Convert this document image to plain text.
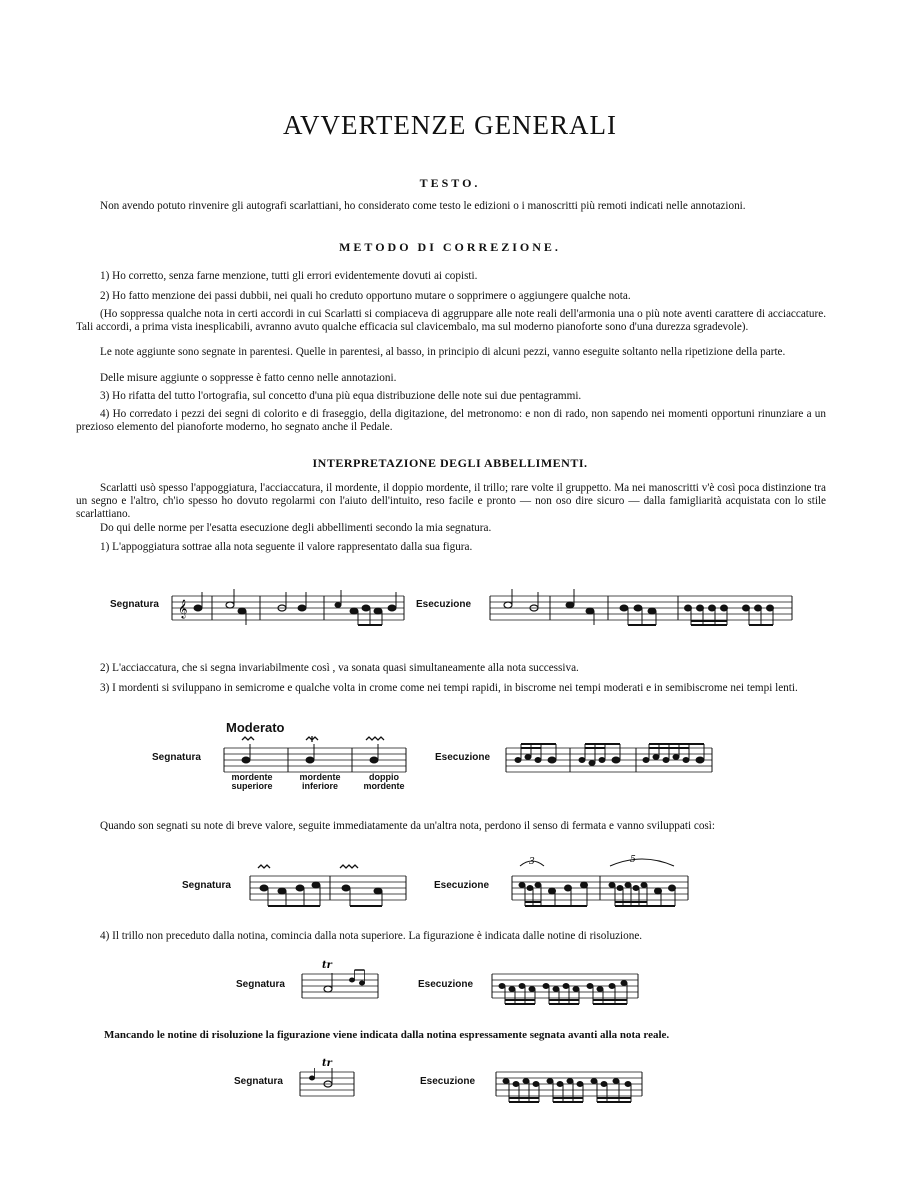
AVVERTENZE GENERALI
TESTO.
Non avendo potuto rinvenire gli autografi scarlattiani, ho considerato come testo le edizioni o i manoscritti più remoti indicati nelle annotazioni.
METODO DI CORREZIONE.
1) Ho corretto, senza farne menzione, tutti gli errori evidentemente dovuti ai copisti.
2) Ho fatto menzione dei passi dubbii, nei quali ho creduto opportuno mutare o sopprimere o aggiungere qualche nota.
(Ho soppressa qualche nota in certi accordi in cui Scarlatti si compiaceva di aggruppare alle note reali dell'armonia una o più note aventi carattere di acciaccature. Tali accordi, a prima vista inesplicabili, avranno avuto qualche efficacia sul clavicembalo, ma sul moderno pianoforte sono d'una durezza sgradevole).
Le note aggiunte sono segnate in parentesi. Quelle in parentesi, al basso, in principio di alcuni pezzi, vanno eseguite soltanto nella ripetizione della parte.
Delle misure aggiunte o soppresse è fatto cenno nelle annotazioni.
3) Ho rifatta del tutto l'ortografia, sul concetto d'una più equa distribuzione delle note sui due pentagrammi.
4) Ho corredato i pezzi dei segni di colorito e di fraseggio, della digitazione, del metronomo: e non di rado, non sapendo nei momenti opportuni rinunziare a un prezioso elemento del pianoforte moderno, ho segnato anche il Pedale.
INTERPRETAZIONE DEGLI ABBELLIMENTI.
Scarlatti usò spesso l'appoggiatura, l'acciaccatura, il mordente, il doppio mordente, il trillo; rare volte il gruppetto. Ma nei manoscritti v'è così poca distinzione tra un segno e l'altro, ch'io spesso ho dovuto regolarmi con l'aiuto dell'intuito, reso facile e pronto — non oso dire sicuro — dalla famigliarità acquistata con lo stile scarlattiano.
Do qui delle norme per l'esatta esecuzione degli abbellimenti secondo la mia segnatura.
1) L'appoggiatura sottrae alla nota seguente il valore rappresentato dalla sua figura.
Segnatura 𝄞	Esecuzione
2) L'acciaccatura, che si segna invariabilmente così , va sonata quasi simultaneamente alla nota successiva.
3) I mordenti si sviluppano in semicrome e qualche volta in crome come nei tempi rapidi, in biscrome nei tempi moderati e in semibiscrome nei tempi lenti.
Moderato
Segnatura
mordente superiore
mordente inferiore
doppio mordente
Esecuzione
Quando son segnati su note di breve valore, seguite immediatamente da un'altra nota, perdono il senso di fermata e vanno sviluppati così:
Segnatura	Esecuzione
3	5
4) Il trillo non preceduto dalla notina, comincia dalla nota superiore. La figurazione è indicata dalle notine di risoluzione.
Segnatura
tr
Esecuzione
Mancando le notine di risoluzione la figurazione viene indicata dalla notina espressamente segnata avanti alla nota reale.
Segnatura
tr
Esecuzione
